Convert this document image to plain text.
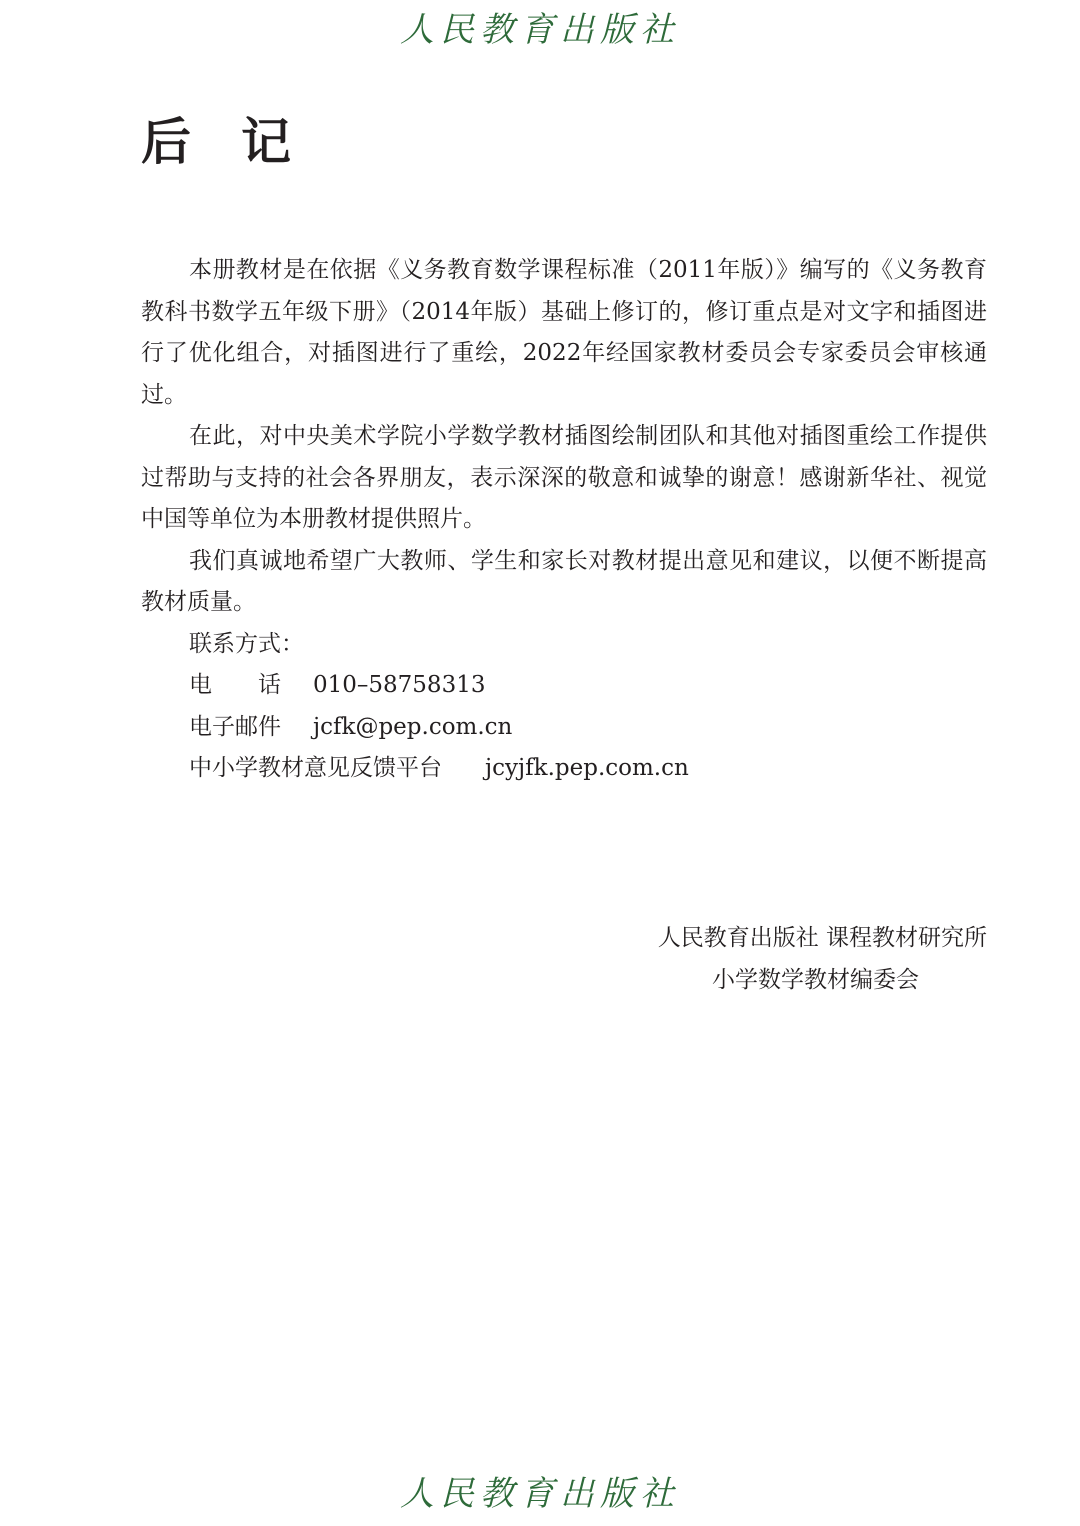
人民教育出版社
后记

本册教材是在依据《义务教育数学课程标准（2011年版）》编写的《义务教育教科书数学五年级下册》（2014年版）基础上修订的，修订重点是对文字和插图进行了优化组合，对插图进行了重绘，2022年经国家教材委员会专家委员会审核通过。

在此，对中央美术学院小学数学教材插图绘制团队和其他对插图重绘工作提供过帮助与支持的社会各界朋友，表示深深的敬意和诚挚的谢意！感谢新华社、视觉中国等单位为本册教材提供照片。

我们真诚地希望广大教师、学生和家长对教材提出意见和建议，以便不断提高教材质量。

联系方式：

电　　话 010–58758313

电子邮件 jcfk@pep.com.cn

中小学教材意见反馈平台 jcyjfk.pep.com.cn

人民教育出版社 课程教材研究所
小学数学教材编委会
人民教育出版社
